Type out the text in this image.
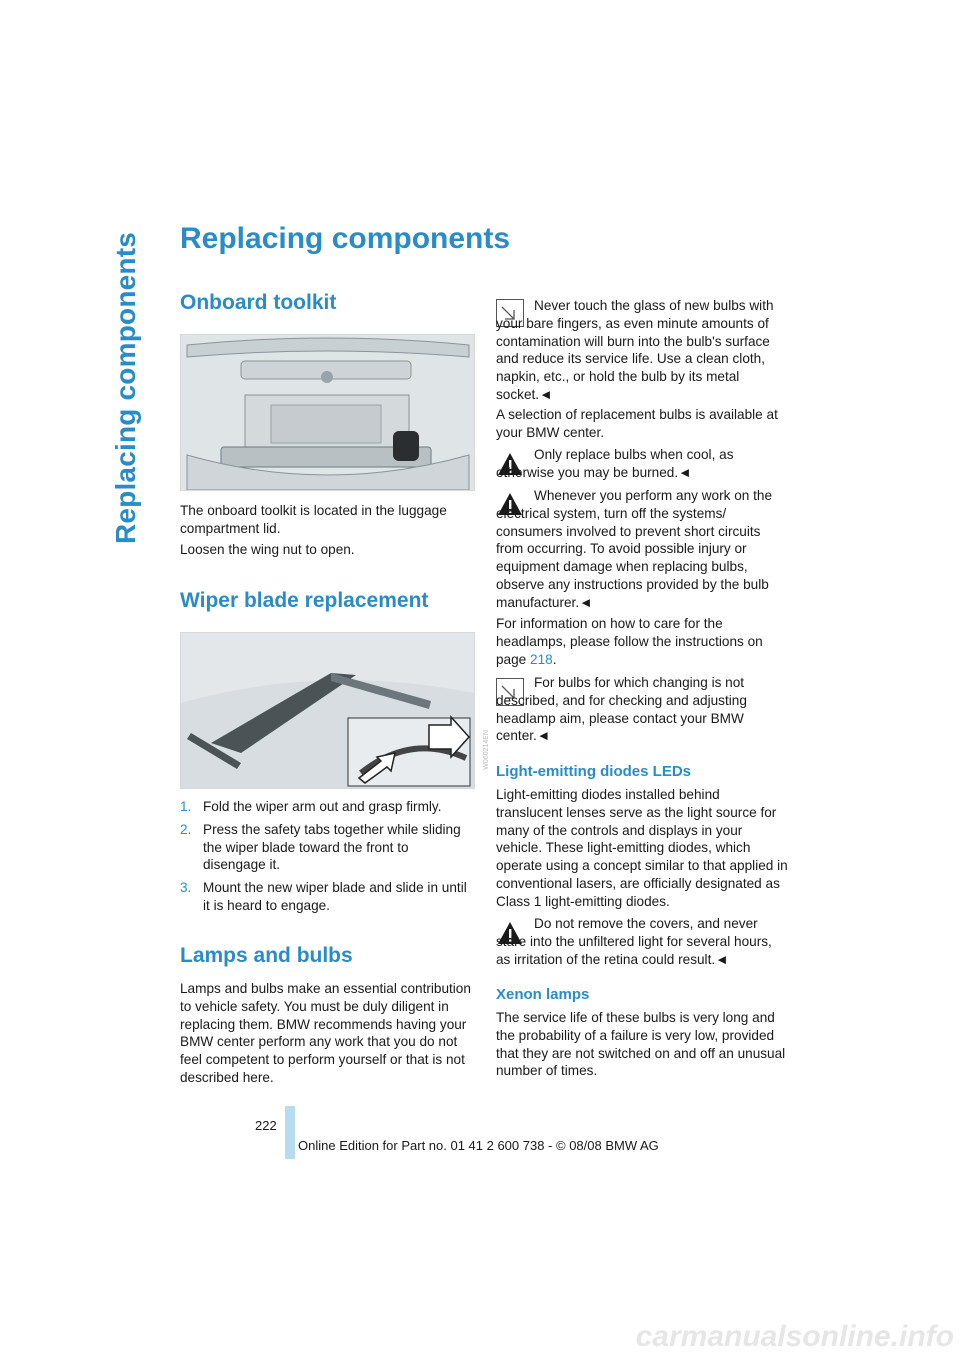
Replacing components Replacing components
Onboard toolkit

The onboard toolkit is located in the luggage compartment lid.

Loosen the wing nut to open.

Wiper blade replacement
W060214EN
1. Fold the wiper arm out and grasp firmly.
2. Press the safety tabs together while sliding the wiper blade toward the front to disengage it.
3. Mount the new wiper blade and slide in until it is heard to engage.
Lamps and bulbs

Lamps and bulbs make an essential contribution to vehicle safety. You must be duly diligent in replacing them. BMW recommends having your BMW center perform any work that you do not feel competent to perform yourself or that is not described here.

Never touch the glass of new bulbs with your bare fingers, as even minute amounts of contamination will burn into the bulb's surface and reduce its service life. Use a clean cloth, napkin, etc., or hold the bulb by its metal socket.◄

A selection of replacement bulbs is available at your BMW center.

Only replace bulbs when cool, as otherwise you may be burned.◄

Whenever you perform any work on the electrical system, turn off the systems/ consumers involved to prevent short circuits from occurring. To avoid possible injury or equipment damage when replacing bulbs, observe any instructions provided by the bulb manufacturer.◄

For information on how to care for the headlamps, please follow the instructions on page 218.

For bulbs for which changing is not described, and for checking and adjusting headlamp aim, please contact your BMW center.◄

Light-emitting diodes LEDs

Light-emitting diodes installed behind translucent lenses serve as the light source for many of the controls and displays in your vehicle. These light-emitting diodes, which operate using a concept similar to that applied in conventional lasers, are officially designated as Class 1 light-emitting diodes.

Do not remove the covers, and never stare into the unfiltered light for several hours, as irritation of the retina could result.◄

Xenon lamps

The service life of these bulbs is very long and the probability of a failure is very low, provided that they are not switched on and off an unusual number of times.

222
Online Edition for Part no. 01 41 2 600 738 - © 08/08 BMW AG
carmanualsonline.info
